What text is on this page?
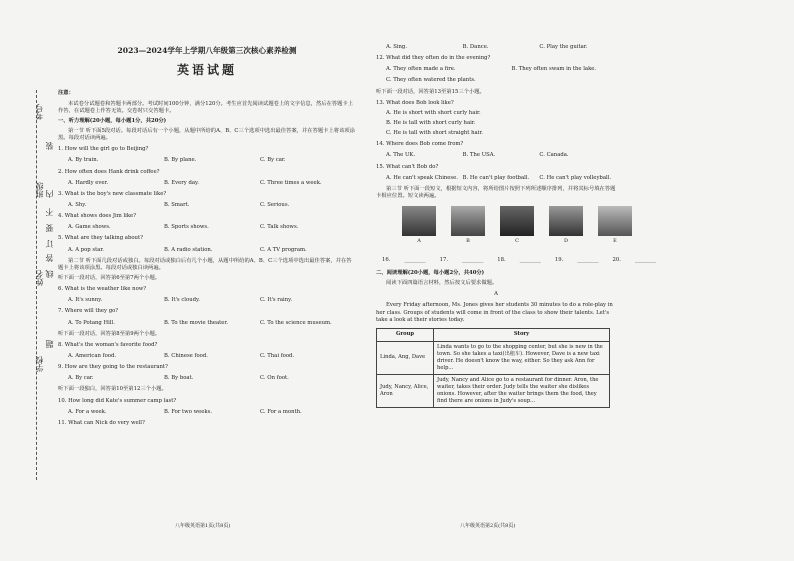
考号
装
订
班级
线
内
不
要
答
题
姓名
学校

2023—2024学年上学期八年级第三次核心素养检测

英语试题

注意：

本试卷分试题卷和答题卡两部分。考试时间100分钟，满分120分。考生应首先阅读试题卷上的文字信息，然后在答题卡上作答，在试题卷上作答无效。交卷时只交答题卡。

一、听力理解(20小题，每小题1分，共20分)

第一节 听下面5段对话。每段对话后有一个小题，从题中所给的A、B、C三个选项中选出最佳答案，并在答题卡上将该项涂黑。每段对话读两遍。

1. How will the girl go to Beijing?

A. By train.	B. By plane.	C. By car.

2. How often does Hank drink coffee?

A. Hardly ever.	B. Every day.	C. Three times a week.

3. What is the boy's new classmate like?

A. Shy.	B. Smart.	C. Serious.

4. What shows does Jim like?

A. Game shows.	B. Sports shows.	C. Talk shows.

5. What are they talking about?

A. A pop star.	B. A radio station.	C. A TV program.

第二节 听下面几段对话或独白。每段对话或独白后有几个小题，从题中所给的A、B、C三个选项中选出最佳答案，并在答题卡上将该项涂黑。每段对话或独白读两遍。

听下面一段对话，回答第6至第7两个小题。

6. What is the weather like now?

A. It's sunny.	B. It's cloudy.	C. It's rainy.

7. Where will they go?

A. To Potang Hill.	B. To the movie theater.	C. To the science museum.

听下面一段对话，回答第8至第9两个小题。

8. What's the woman's favorite food?

A. American food.	B. Chinese food.	C. Thai food.

9. How are they going to the restaurant?

A. By car.	B. By boat.	C. On foot.

听下面一段独白，回答第10至第12三个小题。

10. How long did Kate's summer camp last?

A. For a week.	B. For two weeks.	C. For a month.

11. What can Nick do very well?

八年级英语第1页(共8页)
A. Sing.	B. Dance.	C. Play the guitar.

12. What did they often do in the evening?

A. They often made a fire.	B. They often swam in the lake.

C. They often watered the plants.

听下面一段对话，回答第13至第15三个小题。

13. What does Bob look like?

A. He is short with short curly hair.

B. He is tall with short curly hair.

C. He is tall with short straight hair.

14. Where does Bob come from?

A. The UK.	B. The USA.	C. Canada.

15. What can't Bob do?

A. He can't speak Chinese. B. He can't play football.	C. He can't play volleyball.

第三节 听下面一段短文，根据短文内容，将所给图片按照下列所述顺序排列，并将其标号填在答题卡相应位置。短文读两遍。

A	B	C	D	E
16.	________	17.	________	18.	________	19.	________	20.	________

二、阅读理解(20小题，每小题2分，共40分)

阅读下面四篇语言材料，然后按文后要求做题。

A

Every Friday afternoon, Ms. Jones gives her students 30 minutes to do a role-play in her class. Groups of students will come in front of the class to show their talents. Let's take a look at their stories today.

Group	Story
Linda, Ang, Dave	Linda wants to go to the shopping center, but she is new in the town. So she takes a taxi(出租车). However, Dave is a new taxi driver. He doesn't know the way, either. So they ask Ann for help...
Judy, Nancy, Alice, Aron	Judy, Nancy and Alice go to a restaurant for dinner. Aron, the waiter, takes their order. Judy tells the waiter she dislikes onions. However, after the waiter brings them the food, they find there are onions in Judy's soup...
八年级英语第2页(共8页)
